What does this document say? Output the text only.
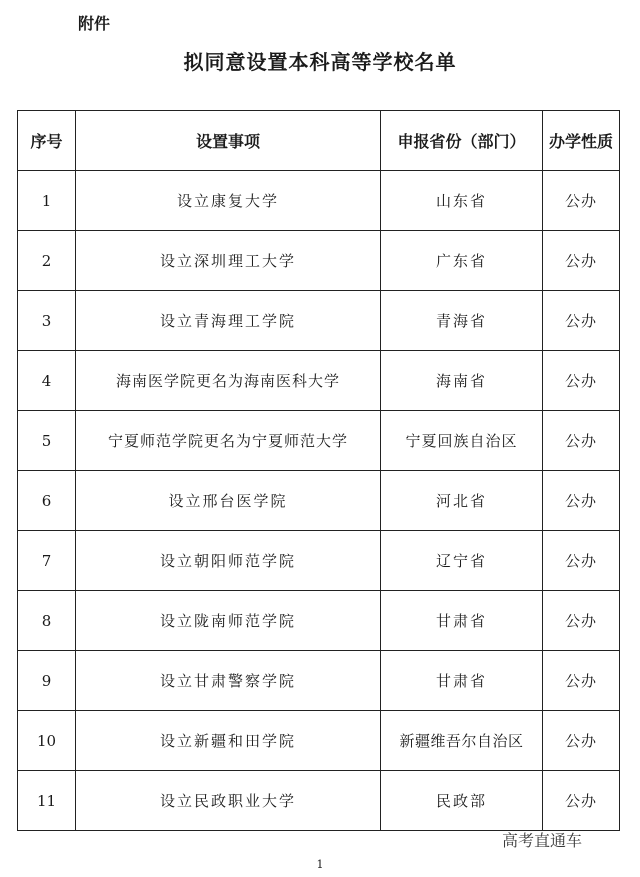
附件
拟同意设置本科高等学校名单
序号	设置事项	申报省份（部门）	办学性质
1	设立康复大学	山东省	公办
2	设立深圳理工大学	广东省	公办
3	设立青海理工学院	青海省	公办
4	海南医学院更名为海南医科大学	海南省	公办
5	宁夏师范学院更名为宁夏师范大学	宁夏回族自治区	公办
6	设立邢台医学院	河北省	公办
7	设立朝阳师范学院	辽宁省	公办
8	设立陇南师范学院	甘肃省	公办
9	设立甘肃警察学院	甘肃省	公办
10	设立新疆和田学院	新疆维吾尔自治区	公办
11	设立民政职业大学	民政部	公办
高考直通车
1
